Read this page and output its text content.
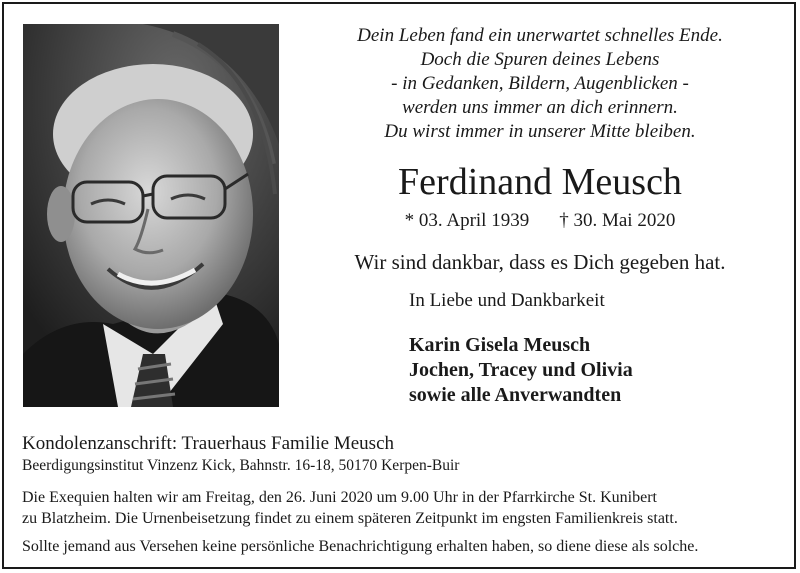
Dein Leben fand ein unerwartet schnelles Ende.
Doch die Spuren deines Lebens
- in Gedanken, Bildern, Augenblicken -
werden uns immer an dich erinnern.
Du wirst immer in unserer Mitte bleiben.
Ferdinand Meusch
* 03. April 1939 † 30. Mai 2020
Wir sind dankbar, dass es Dich gegeben hat.
In Liebe und Dankbarkeit
Karin Gisela Meusch
Jochen, Tracey und Olivia
sowie alle Anverwandten
Kondolenzanschrift: Trauerhaus Familie Meusch
Beerdigungsinstitut Vinzenz Kick, Bahnstr. 16-18, 50170 Kerpen-Buir
Die Exequien halten wir am Freitag, den 26. Juni 2020 um 9.00 Uhr in der Pfarrkirche St. Kunibert
zu Blatzheim. Die Urnenbeisetzung findet zu einem späteren Zeitpunkt im engsten Familienkreis statt.
Sollte jemand aus Versehen keine persönliche Benachrichtigung erhalten haben, so diene diese als solche.
